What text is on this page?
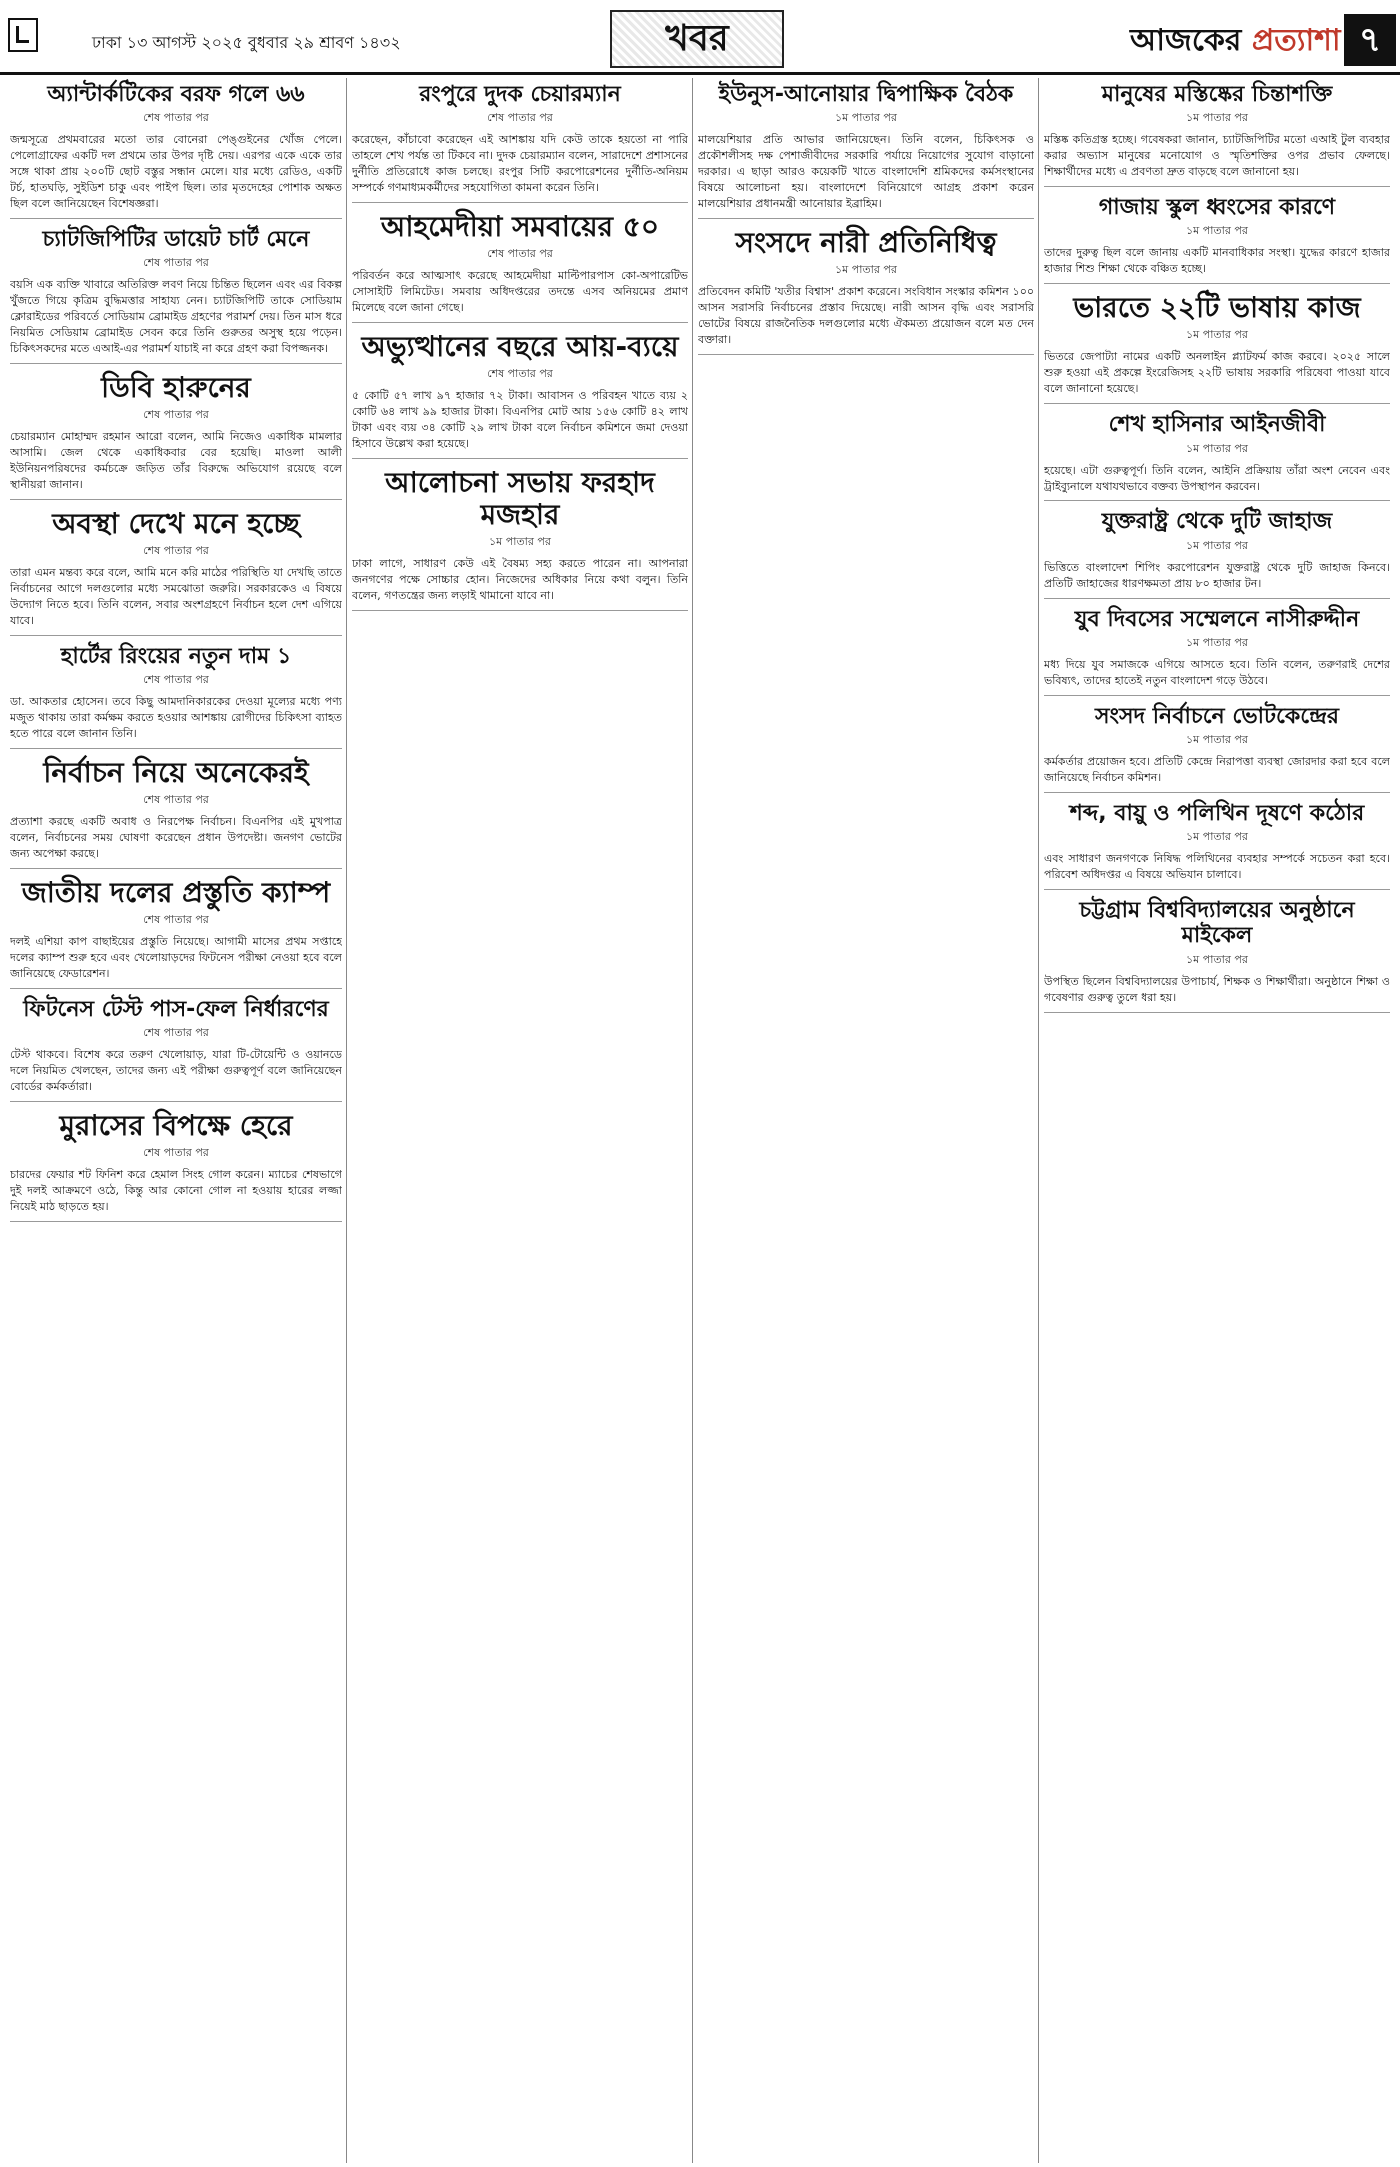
ঢাকা ১৩ আগস্ট ২০২৫ বুধবার ২৯ শ্রাবণ ১৪৩২	খবর	আজকের প্রত্যাশা ৭
অ্যান্টার্কটিকের বরফ গলে ৬৬
শেষ পাতার পর

জন্মসূত্রে প্রথমবারের মতো তার বোনেরা পেঙ্গুইনের খোঁজ পেলে। পেলোগ্রাফের একটি দল প্রথমে তার উপর দৃষ্টি দেয়। এরপর একে একে তার সঙ্গে থাকা প্রায় ২০০টি ছোট বস্তুর সন্ধান মেলে। যার মধ্যে রেডিও, একটি টর্চ, হাতঘড়ি, সুইডিশ চাকু এবং পাইপ ছিল। তার মৃতদেহের পোশাক অক্ষত ছিল বলে জানিয়েছেন বিশেষজ্ঞরা।

চ্যাটজিপিটির ডায়েট চার্ট মেনে
শেষ পাতার পর

বয়সি এক ব্যক্তি খাবারে অতিরিক্ত লবণ নিয়ে চিন্তিত ছিলেন এবং এর বিকল্প খুঁজতে গিয়ে কৃত্রিম বুদ্ধিমত্তার সাহায্য নেন। চ্যাটজিপিটি তাকে সোডিয়াম ক্লোরাইডের পরিবর্তে সোডিয়াম ব্রোমাইড গ্রহণের পরামর্শ দেয়। তিন মাস ধরে নিয়মিত সেডিয়াম ব্রোমাইড সেবন করে তিনি গুরুতর অসুস্থ হয়ে পড়েন। চিকিৎসকদের মতে এআই-এর পরামর্শ যাচাই না করে গ্রহণ করা বিপজ্জনক।

ডিবি হারুনের
শেষ পাতার পর

চেয়ারম্যান মোহাম্মদ রহমান আরো বলেন, আমি নিজেও একাধিক মামলার আসামি। জেল থেকে একাধিকবার বের হয়েছি। মাওলা আলী ইউনিয়নপরিষদের কর্মচক্রে জড়িত তাঁর বিরুদ্ধে অভিযোগ রয়েছে বলে স্থানীয়রা জানান।

অবস্থা দেখে মনে হচ্ছে
শেষ পাতার পর

তারা এমন মন্তব্য করে বলে, আমি মনে করি মাঠের পরিস্থিতি যা দেখছি তাতে নির্বাচনের আগে দলগুলোর মধ্যে সমঝোতা জরুরি। সরকারকেও এ বিষয়ে উদ্যোগ নিতে হবে। তিনি বলেন, সবার অংশগ্রহণে নির্বাচন হলে দেশ এগিয়ে যাবে।

হার্টের রিংয়ের নতুন দাম ১
শেষ পাতার পর

ডা. আকতার হোসেন। তবে কিছু আমদানিকারকের দেওয়া মূল্যের মধ্যে পণ্য মজুত থাকায় তারা কর্মক্ষম করতে হওয়ার আশঙ্কায় রোগীদের চিকিৎসা ব্যাহত হতে পারে বলে জানান তিনি।

নির্বাচন নিয়ে অনেকেরই
শেষ পাতার পর

প্রত্যাশা করছে একটি অবাধ ও নিরপেক্ষ নির্বাচন। বিএনপির এই মুখপাত্র বলেন, নির্বাচনের সময় ঘোষণা করেছেন প্রধান উপদেষ্টা। জনগণ ভোটের জন্য অপেক্ষা করছে।

জাতীয় দলের প্রস্তুতি ক্যাম্প
শেষ পাতার পর

দলই এশিয়া কাপ বাছাইয়ের প্রস্তুতি নিয়েছে। আগামী মাসের প্রথম সপ্তাহে দলের ক্যাম্প শুরু হবে এবং খেলোয়াড়দের ফিটনেস পরীক্ষা নেওয়া হবে বলে জানিয়েছে ফেডারেশন।

ফিটনেস টেস্ট পাস-ফেল নির্ধারণের
শেষ পাতার পর

টেস্ট থাকবে। বিশেষ করে তরুণ খেলোয়াড়, যারা টি-টোয়েন্টি ও ওয়ানডে দলে নিয়মিত খেলছেন, তাদের জন্য এই পরীক্ষা গুরুত্বপূর্ণ বলে জানিয়েছেন বোর্ডের কর্মকর্তারা।

মুরাসের বিপক্ষে হেরে
শেষ পাতার পর

চারদের ফেয়ার শট ফিনিশ করে হেমাল সিংহ গোল করেন। ম্যাচের শেষভাগে দুই দলই আক্রমণে ওঠে, কিন্তু আর কোনো গোল না হওয়ায় হারের লজ্জা নিয়েই মাঠ ছাড়তে হয়।

রংপুরে দুদক চেয়ারম্যান
শেষ পাতার পর

করেছেন, কাঁচাবো করেছেন এই আশঙ্কায় যদি কেউ তাকে হয়তো না পারি তাহলে শেখ পর্যন্ত তা টিকবে না। দুদক চেয়ারম্যান বলেন, সারাদেশে প্রশাসনের দুর্নীতি প্রতিরোধে কাজ চলছে। রংপুর সিটি করপোরেশনের দুর্নীতি-অনিয়ম সম্পর্কে গণমাধ্যমকর্মীদের সহযোগিতা কামনা করেন তিনি।

আহমেদীয়া সমবায়ের ৫০
শেষ পাতার পর

পরিবর্তন করে আত্মসাৎ করেছে আহমেদীয়া মাল্টিপারপাস কো-অপারেটিভ সোসাইটি লিমিটেড। সমবায় অধিদপ্তরের তদন্তে এসব অনিয়মের প্রমাণ মিলেছে বলে জানা গেছে।

অভ্যুত্থানের বছরে আয়-ব্যয়ে
শেষ পাতার পর

৫ কোটি ৫৭ লাখ ৯৭ হাজার ৭২ টাকা। আবাসন ও পরিবহন খাতে ব্যয় ২ কোটি ৬৪ লাখ ৯৯ হাজার টাকা। বিএনপির মোট আয় ১৫৬ কোটি ৪২ লাখ টাকা এবং ব্যয় ৩৪ কোটি ২৯ লাখ টাকা বলে নির্বাচন কমিশনে জমা দেওয়া হিসাবে উল্লেখ করা হয়েছে।

আলোচনা সভায় ফরহাদ মজহার
১ম পাতার পর

ঢাকা লাগে, সাধারণ কেউ এই বৈষম্য সহ্য করতে পারেন না। আপনারা জনগণের পক্ষে সোচ্চার হোন। নিজেদের অধিকার নিয়ে কথা বলুন। তিনি বলেন, গণতন্ত্রের জন্য লড়াই থামানো যাবে না।

ইউনুস-আনোয়ার দ্বিপাক্ষিক বৈঠক
১ম পাতার পর

মালয়েশিয়ার প্রতি আভার জানিয়েছেন। তিনি বলেন, চিকিৎসক ও প্রকৌশলীসহ দক্ষ পেশাজীবীদের সরকারি পর্যায়ে নিয়োগের সুযোগ বাড়ানো দরকার। এ ছাড়া আরও কয়েকটি খাতে বাংলাদেশি শ্রমিকদের কর্মসংস্থানের বিষয়ে আলোচনা হয়। বাংলাদেশে বিনিয়োগে আগ্রহ প্রকাশ করেন মালয়েশিয়ার প্রধানমন্ত্রী আনোয়ার ইব্রাহিম।

সংসদে নারী প্রতিনিধিত্ব
১ম পাতার পর

প্রতিবেদন কমিটি 'যতীর বিশ্বাস' প্রকাশ করেনে। সংবিধান সংস্কার কমিশন ১০০ আসন সরাসরি নির্বাচনের প্রস্তাব দিয়েছে। নারী আসন বৃদ্ধি এবং সরাসরি ভোটের বিষয়ে রাজনৈতিক দলগুলোর মধ্যে ঐকমত্য প্রয়োজন বলে মত দেন বক্তারা।

মানুষের মস্তিষ্কের চিন্তাশক্তি
১ম পাতার পর

মস্তিষ্ক কতিগ্রস্ত হচ্ছে। গবেষকরা জানান, চ্যাটজিপিটির মতো এআই টুল ব্যবহার করার অভ্যাস মানুষের মনোযোগ ও স্মৃতিশক্তির ওপর প্রভাব ফেলছে। শিক্ষার্থীদের মধ্যে এ প্রবণতা দ্রুত বাড়ছে বলে জানানো হয়।

গাজায় স্কুল ধ্বংসের কারণে
১ম পাতার পর

তাদের দুরুত্ব ছিল বলে জানায় একটি মানবাধিকার সংস্থা। যুদ্ধের কারণে হাজার হাজার শিশু শিক্ষা থেকে বঞ্চিত হচ্ছে।

ভারতে ২২টি ভাষায় কাজ
১ম পাতার পর

ভিতরে জেপাট্যা নামের একটি অনলাইন প্ল্যাটফর্ম কাজ করবে। ২০২৫ সালে শুরু হওয়া এই প্রকল্পে ইংরেজিসহ ২২টি ভাষায় সরকারি পরিষেবা পাওয়া যাবে বলে জানানো হয়েছে।

শেখ হাসিনার আইনজীবী
১ম পাতার পর

হয়েছে। এটা গুরুত্বপূর্ণ। তিনি বলেন, আইনি প্রক্রিয়ায় তাঁরা অংশ নেবেন এবং ট্রাইব্যুনালে যথাযথভাবে বক্তব্য উপস্থাপন করবেন।

যুক্তরাষ্ট্র থেকে দুটি জাহাজ
১ম পাতার পর

ভিত্তিতে বাংলাদেশ শিপিং করপোরেশন যুক্তরাষ্ট্র থেকে দুটি জাহাজ কিনবে। প্রতিটি জাহাজের ধারণক্ষমতা প্রায় ৮০ হাজার টন।

যুব দিবসের সম্মেলনে নাসীরুদ্দীন
১ম পাতার পর

মধ্য দিয়ে যুব সমাজকে এগিয়ে আসতে হবে। তিনি বলেন, তরুণরাই দেশের ভবিষ্যৎ, তাদের হাতেই নতুন বাংলাদেশ গড়ে উঠবে।

সংসদ নির্বাচনে ভোটকেন্দ্রের
১ম পাতার পর

কর্মকর্তার প্রয়োজন হবে। প্রতিটি কেন্দ্রে নিরাপত্তা ব্যবস্থা জোরদার করা হবে বলে জানিয়েছে নির্বাচন কমিশন।

শব্দ, বায়ু ও পলিথিন দূষণে কঠোর
১ম পাতার পর

এবং সাধারণ জনগণকে নিষিদ্ধ পলিথিনের ব্যবহার সম্পর্কে সচেতন করা হবে। পরিবেশ অধিদপ্তর এ বিষয়ে অভিযান চালাবে।

চট্টগ্রাম বিশ্ববিদ্যালয়ের অনুষ্ঠানে মাইকেল
১ম পাতার পর

উপস্থিত ছিলেন বিশ্ববিদ্যালয়ের উপাচার্য, শিক্ষক ও শিক্ষার্থীরা। অনুষ্ঠানে শিক্ষা ও গবেষণার গুরুত্ব তুলে ধরা হয়।
